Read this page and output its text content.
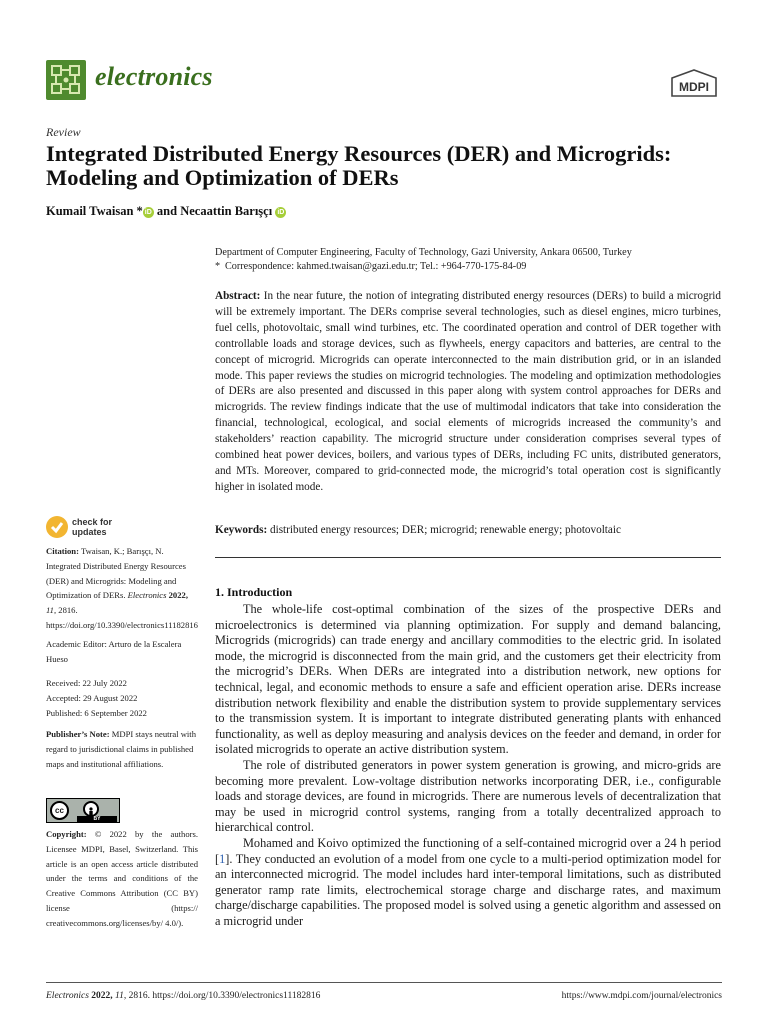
electronics	MDPI
Review
Integrated Distributed Energy Resources (DER) and Microgrids: Modeling and Optimization of DERs
Kumail Twaisan * iD and Necaattin Barışçı iD
Department of Computer Engineering, Faculty of Technology, Gazi University, Ankara 06500, Turkey
* Correspondence: kahmed.twaisan@gazi.edu.tr; Tel.: +964-770-175-84-09
Abstract: In the near future, the notion of integrating distributed energy resources (DERs) to build a microgrid will be extremely important. The DERs comprise several technologies, such as diesel engines, micro turbines, fuel cells, photovoltaic, small wind turbines, etc. The coordinated operation and control of DER together with controllable loads and storage devices, such as flywheels, energy capacitors and batteries, are central to the concept of microgrid. Microgrids can operate interconnected to the main distribution grid, or in an islanded mode. This paper reviews the studies on microgrid technologies. The modeling and optimization methodologies of DERs are also presented and discussed in this paper along with system control approaches for DERs and microgrids. The review findings indicate that the use of multimodal indicators that take into consideration the financial, technological, ecological, and social elements of microgrids increased the community’s and stakeholders’ reaction capability. The microgrid structure under consideration comprises several types of combined heat power devices, boilers, and various types of DERs, including FC units, distributed generators, and MTs. Moreover, compared to grid-connected mode, the microgrid’s total operation cost is significantly higher in isolated mode.
Keywords: distributed energy resources; DER; microgrid; renewable energy; photovoltaic
check for
updates
Citation: Twaisan, K.; Barışçı, N. Integrated Distributed Energy Resources (DER) and Microgrids: Modeling and Optimization of DERs. Electronics 2022, 11, 2816. https://doi.org/10.3390/electronics11182816
Academic Editor: Arturo de la Escalera Hueso
Received: 22 July 2022
Accepted: 29 August 2022
Published: 6 September 2022
Publisher’s Note: MDPI stays neutral with regard to jurisdictional claims in published maps and institutional affiliations.
cc
BY
Copyright: © 2022 by the authors. Licensee MDPI, Basel, Switzerland. This article is an open access article distributed under the terms and conditions of the Creative Commons Attribution (CC BY) license (https:// creativecommons.org/licenses/by/ 4.0/).
1. Introduction

The whole-life cost-optimal combination of the sizes of the prospective DERs and microelectronics is determined via planning optimization. For supply and demand balancing, Microgrids (microgrids) can trade energy and ancillary commodities to the electric grid. In isolated mode, the microgrid is disconnected from the main grid, and the customers get their electricity from the microgrid’s DERs. When DERs are integrated into a distribution network, new options for technical, legal, and economic methods to ensure a safe and efficient operation arise. DERs increase distribution network flexibility and enable the distribution system to provide supplementary services to the transmission system. It is important to integrate distributed generating plants with enhanced functionality, as well as deploy measuring and analysis devices on the feeder and demand, in order for isolated microgrids to operate an active distribution system.

The role of distributed generators in power system generation is growing, and micro-grids are becoming more prevalent. Low-voltage distribution networks incorporating DER, i.e., configurable loads and storage devices, are found in microgrids. There are numerous levels of decentralization that may be used in microgrid control systems, ranging from a totally decentralized approach to hierarchical control.

Mohamed and Koivo optimized the functioning of a self-contained microgrid over a 24 h period [1]. They conducted an evolution of a model from one cycle to a multi-period optimization model for an interconnected microgrid. The model includes hard inter-temporal limitations, such as distributed generator ramp rate limits, electrochemical storage charge and discharge rates, and maximum charge/discharge capabilities. The proposed model is solved using a genetic algorithm and assessed on a microgrid under

Electronics 2022, 11, 2816. https://doi.org/10.3390/electronics11182816	https://www.mdpi.com/journal/electronics
